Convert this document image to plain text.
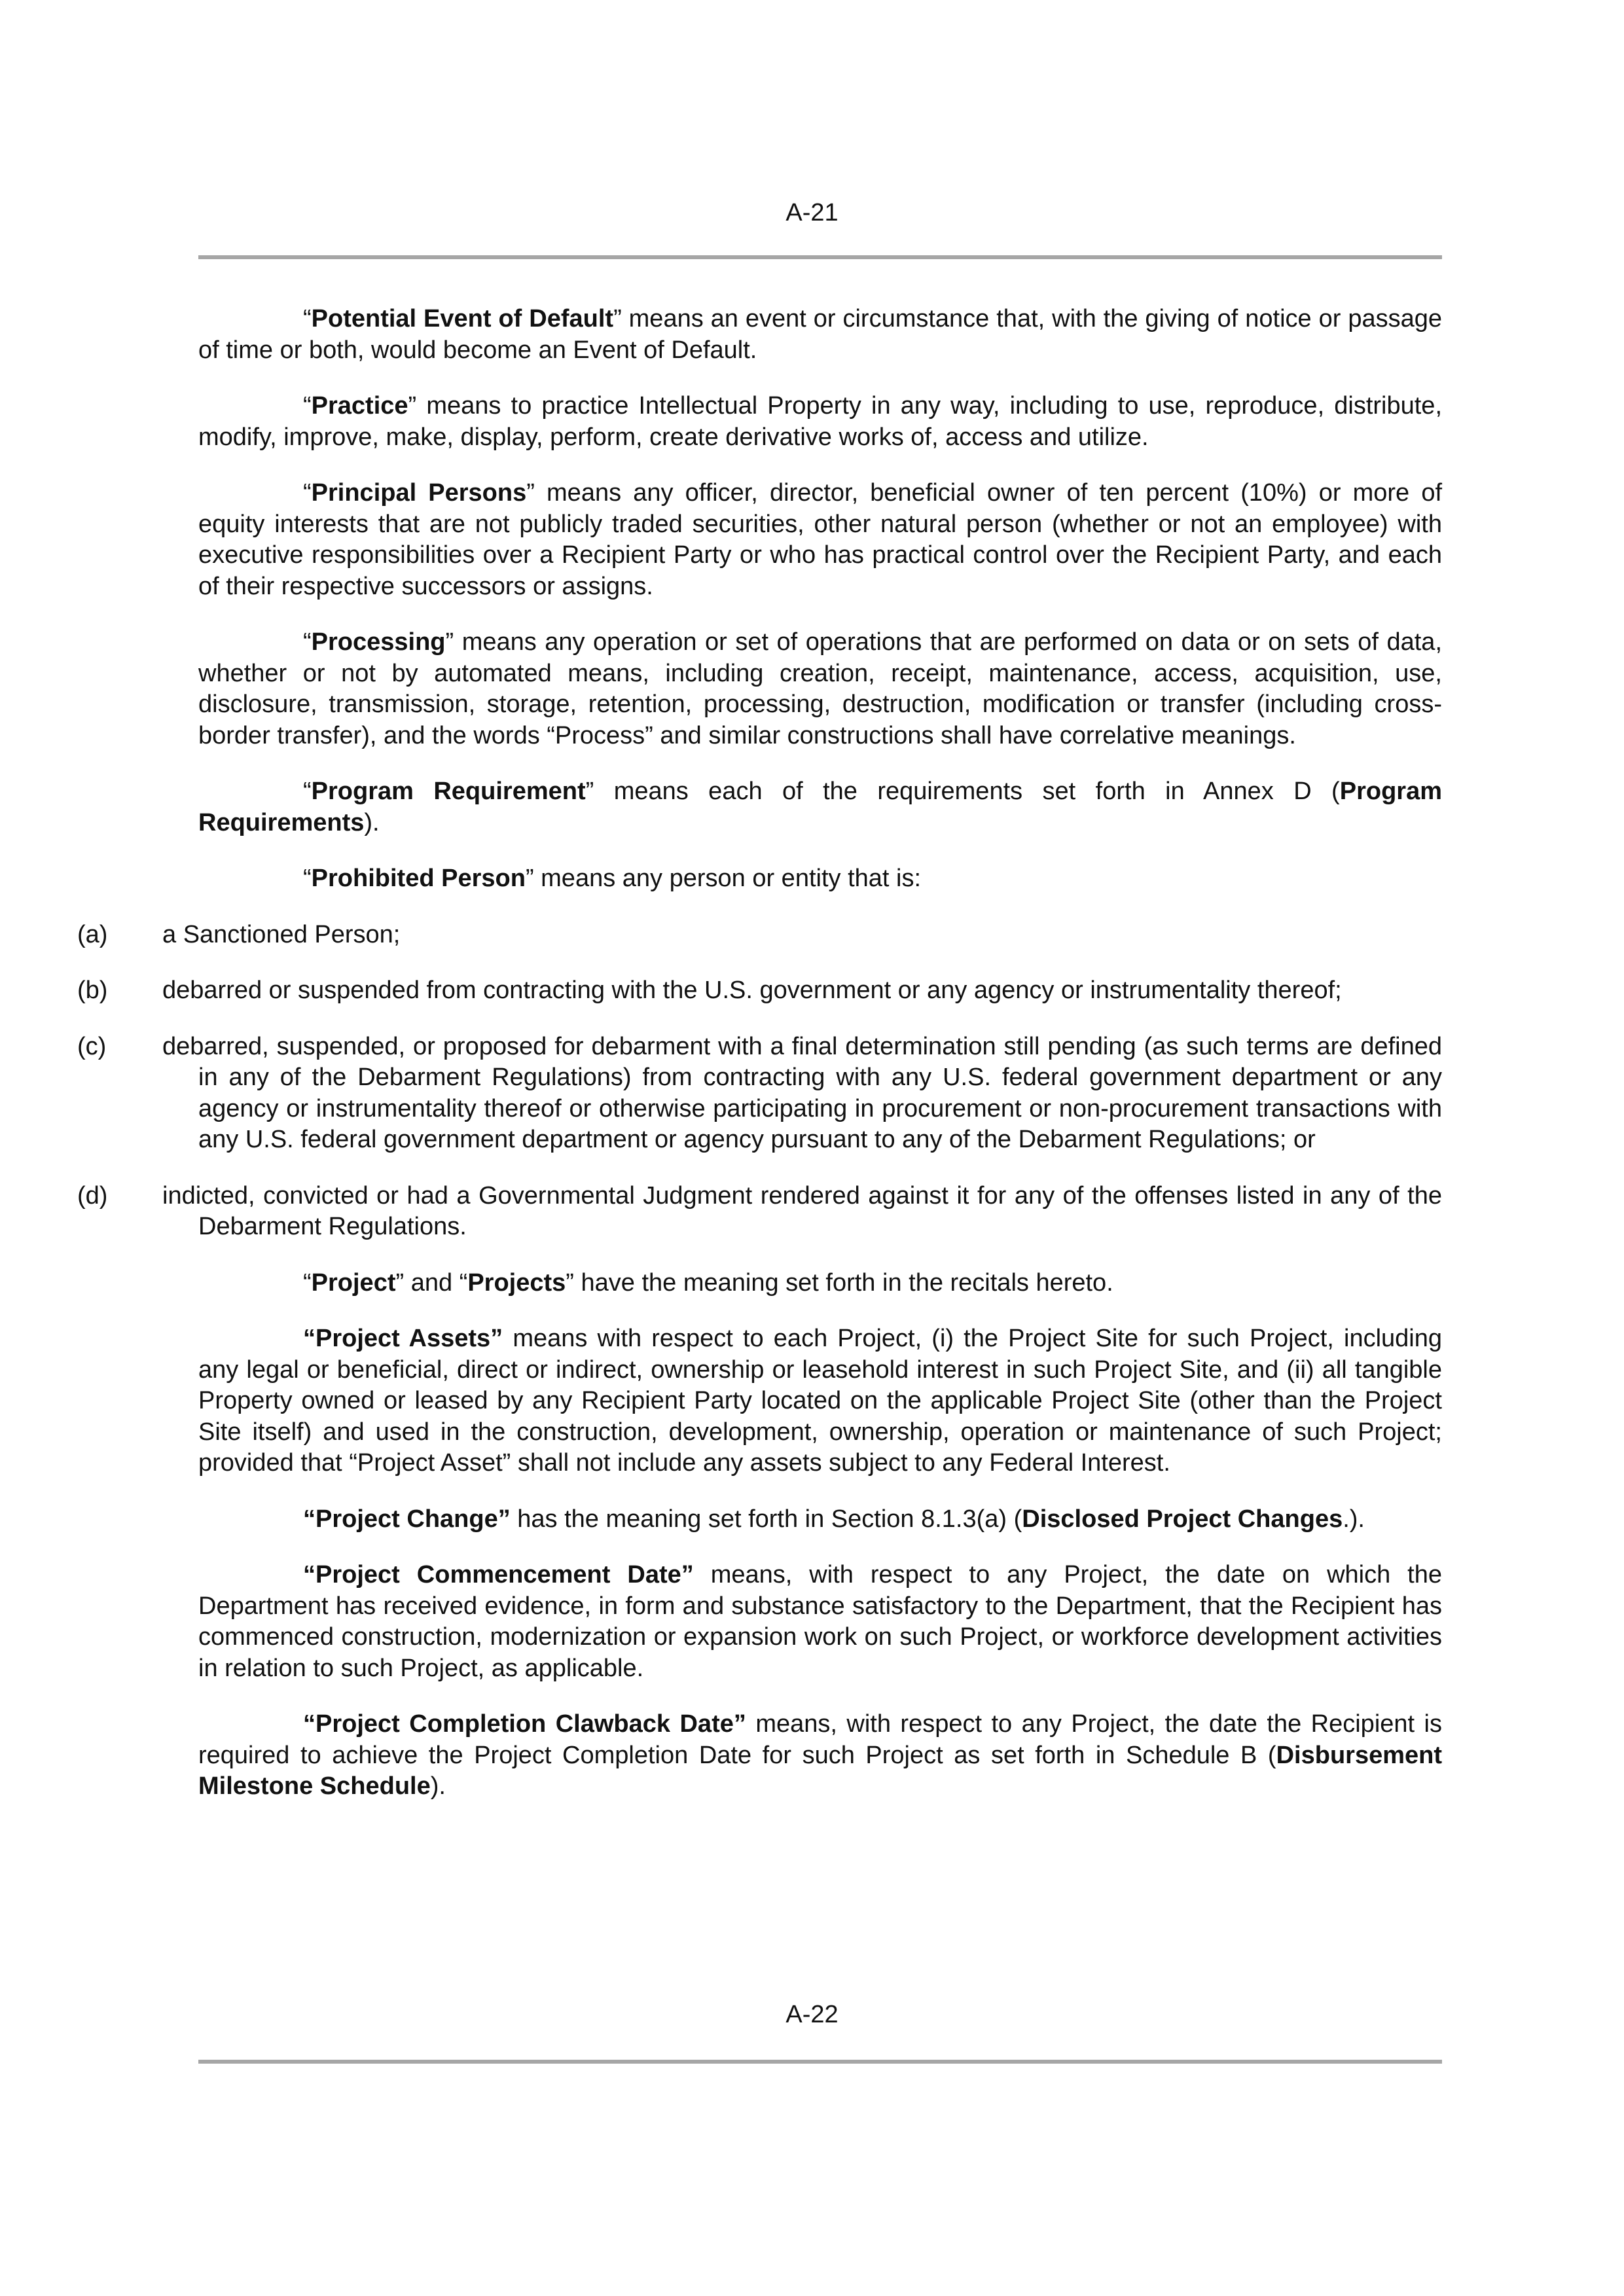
A-21

“Potential Event of Default” means an event or circumstance that, with the giving of notice or passage of time or both, would become an Event of Default.

“Practice” means to practice Intellectual Property in any way, including to use, reproduce, distribute, modify, improve, make, display, perform, create derivative works of, access and utilize.

“Principal Persons” means any officer, director, beneficial owner of ten percent (10%) or more of equity interests that are not publicly traded securities, other natural person (whether or not an employee) with executive responsibilities over a Recipient Party or who has practical control over the Recipient Party, and each of their respective successors or assigns.

“Processing” means any operation or set of operations that are performed on data or on sets of data, whether or not by automated means, including creation, receipt, maintenance, access, acquisition, use, disclosure, transmission, storage, retention, processing, destruction, modification or transfer (including cross-border transfer), and the words “Process” and similar constructions shall have correlative meanings.

“Program Requirement” means each of the requirements set forth in Annex D (Program Requirements).

“Prohibited Person” means any person or entity that is:

(a)	a Sanctioned Person;
(b)	debarred or suspended from contracting with the U.S. government or any agency or instrumentality thereof;
(c)	debarred, suspended, or proposed for debarment with a final determination still pending (as such terms are defined in any of the Debarment Regulations) from contracting with any U.S. federal government department or any agency or instrumentality thereof or otherwise participating in procurement or non-procurement transactions with any U.S. federal government department or agency pursuant to any of the Debarment Regulations; or
(d)	indicted, convicted or had a Governmental Judgment rendered against it for any of the offenses listed in any of the Debarment Regulations.

“Project” and “Projects” have the meaning set forth in the recitals hereto.

“Project Assets” means with respect to each Project, (i) the Project Site for such Project, including any legal or beneficial, direct or indirect, ownership or leasehold interest in such Project Site, and (ii) all tangible Property owned or leased by any Recipient Party located on the applicable Project Site (other than the Project Site itself) and used in the construction, development, ownership, operation or maintenance of such Project; provided that “Project Asset” shall not include any assets subject to any Federal Interest.

“Project Change” has the meaning set forth in Section 8.1.3(a) (Disclosed Project Changes.).

“Project Commencement Date” means, with respect to any Project, the date on which the Department has received evidence, in form and substance satisfactory to the Department, that the Recipient has commenced construction, modernization or expansion work on such Project, or workforce development activities in relation to such Project, as applicable.

“Project Completion Clawback Date” means, with respect to any Project, the date the Recipient is required to achieve the Project Completion Date for such Project as set forth in Schedule B (Disbursement Milestone Schedule).

A-22
